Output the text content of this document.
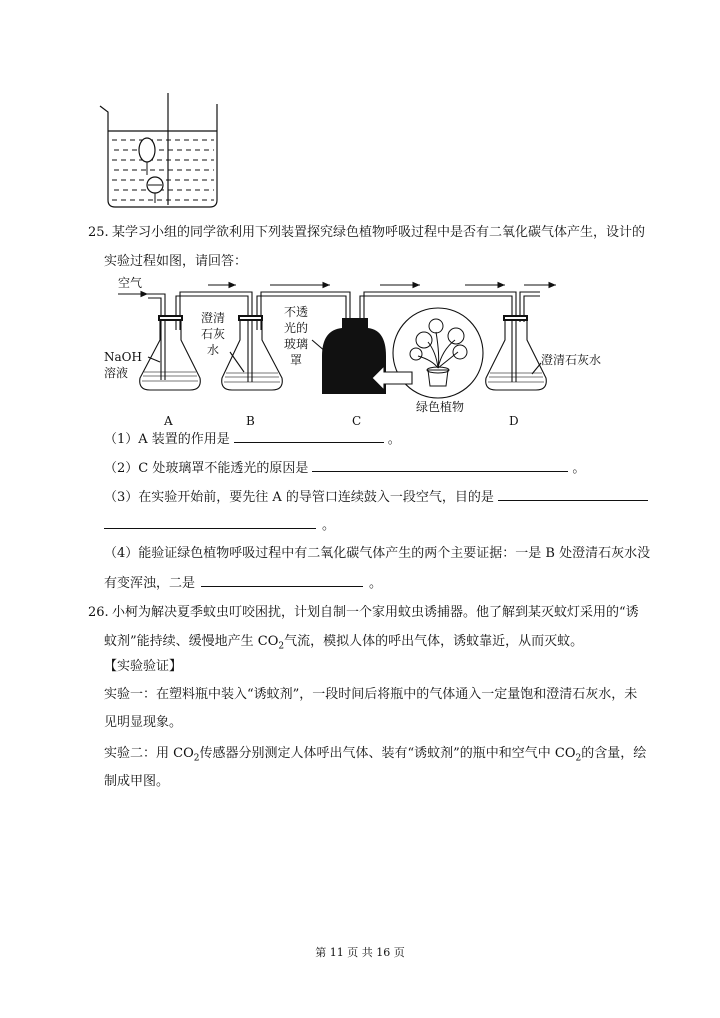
25. 某学习小组的同学欲利用下列装置探究绿色植物呼吸过程中是否有二氧化碳气体产生，设计的
实验过程如图，请回答：
空气
NaOH
溶液
澄清
石灰
水
不透
光的
玻璃
罩	澄清石灰水
绿色植物
A	B	C	D
（1）A 装置的作用是	。
（2）C 处玻璃罩不能透光的原因是	。
（3）在实验开始前，要先往 A 的导管口连续鼓入一段空气，目的是
。
（4）能验证绿色植物呼吸过程中有二氧化碳气体产生的两个主要证据：一是 B 处澄清石灰水没
有变浑浊，二是	。
26. 小柯为解决夏季蚊虫叮咬困扰，计划自制一个家用蚊虫诱捕器。他了解到某灭蚊灯采用的“诱
蚊剂”能持续、缓慢地产生 $CO_2$气流，模拟人体的呼出气体，诱蚊靠近，从而灭蚊。
【实验验证】
实验一：在塑料瓶中装入“诱蚊剂”，一段时间后将瓶中的气体通入一定量饱和澄清石灰水，未
见明显现象。
实验二：用 $CO_2$传感器分别测定人体呼出气体、装有“诱蚊剂”的瓶中和空气中 $CO_2$的含量，绘
制成甲图。
第 11 页 共 16 页
